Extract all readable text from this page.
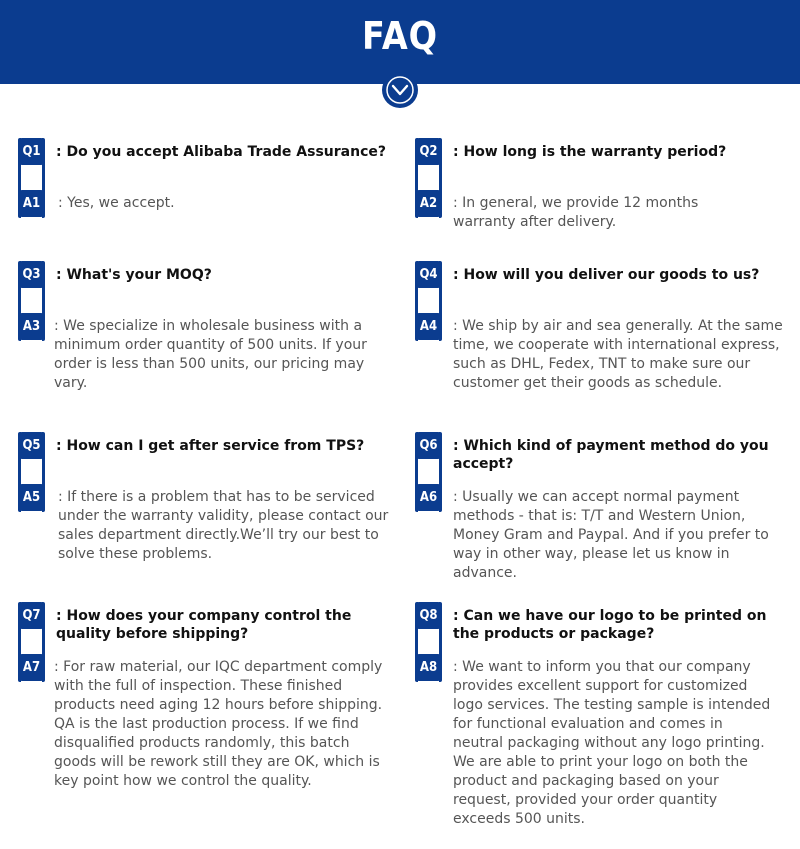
FAQ
Q1
A1
: Do you accept Alibaba Trade Assurance?
: Yes, we accept.
Q2
A2
: How long is the warranty period?
: In general, we provide 12 months warranty after delivery.
Q3
A3
: What's your MOQ?
: We specialize in wholesale business with a minimum order quantity of 500 units. If your order is less than 500 units, our pricing may vary.
Q4
A4
: How will you deliver our goods to us?
: We ship by air and sea generally. At the same time, we cooperate with international express, such as DHL, Fedex, TNT to make sure our customer get their goods as schedule.
Q5
A5
: How can I get after service from TPS?
: If there is a problem that has to be serviced under the warranty validity, please contact our sales department directly.We’ll try our best to solve these problems.
Q6
A6
: Which kind of payment method do you accept?
: Usually we can accept normal payment methods - that is: T/T and Western Union, Money Gram and Paypal. And if you prefer to way in other way, please let us know in advance.
Q7
A7
: How does your company control the quality before shipping?
: For raw material, our IQC department comply with the full of inspection. These finished products need aging 12 hours before shipping. QA is the last production process. If we find disqualified products randomly, this batch goods will be rework still they are OK, which is key point how we control the quality.
Q8
A8
: Can we have our logo to be printed on the products or package?
: We want to inform you that our company provides excellent support for customized logo services. The testing sample is intended for functional evaluation and comes in neutral packaging without any logo printing. We are able to print your logo on both the product and packaging based on your request, provided your order quantity exceeds 500 units.
